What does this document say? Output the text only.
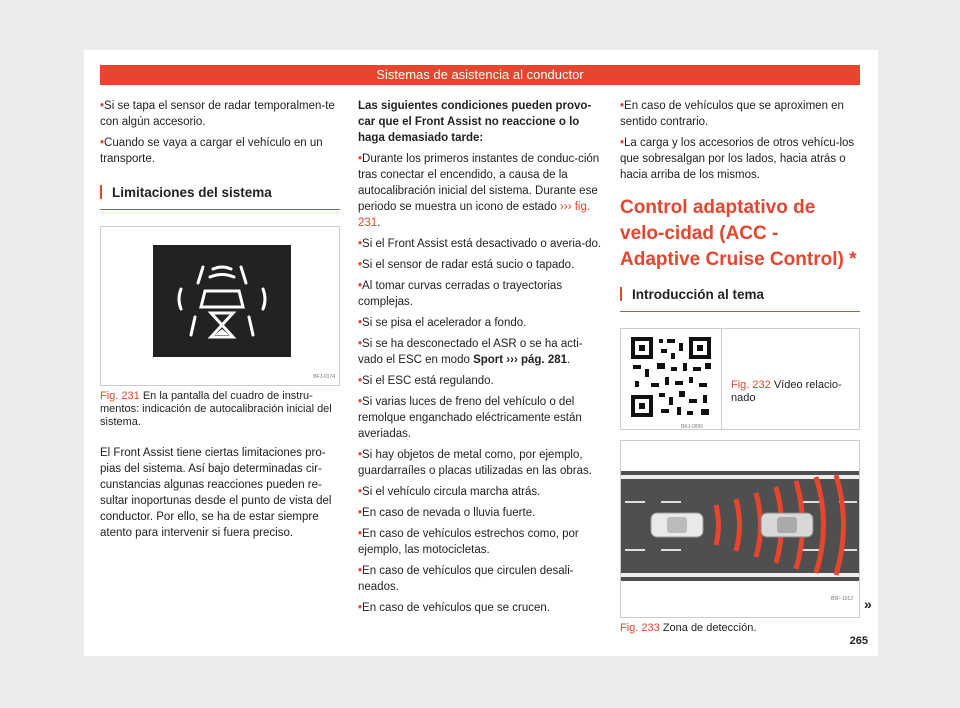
Sistemas de asistencia al conductor

• Si se tapa el sensor de radar temporalmen-te con algún accesorio.

• Cuando se vaya a cargar el vehículo en un transporte.

Limitaciones del sistema
BFJ-0174
Fig. 231 En la pantalla del cuadro de instru-mentos: indicación de autocalibración inicial del sistema.

El Front Assist tiene ciertas limitaciones pro-pias del sistema. Así bajo determinadas cir-cunstancias algunas reacciones pueden re-sultar inoportunas desde el punto de vista del conductor. Por ello, se ha de estar siempre atento para intervenir si fuera preciso.

Las siguientes condiciones pueden provo-car que el Front Assist no reaccione o lo haga demasiado tarde:

• Durante los primeros instantes de conduc-ción tras conectar el encendido, a causa de la autocalibración inicial del sistema. Durante ese periodo se muestra un icono de estado ››› fig. 231.

• Si el Front Assist está desactivado o averia-do.

• Si el sensor de radar está sucio o tapado.

• Al tomar curvas cerradas o trayectorias complejas.

• Si se pisa el acelerador a fondo.

• Si se ha desconectado el ASR o se ha acti-vado el ESC en modo Sport ››› pág. 281.

• Si el ESC está regulando.

• Si varias luces de freno del vehículo o del remolque enganchado eléctricamente están averiadas.

• Si hay objetos de metal como, por ejemplo, guardarraíles o placas utilizadas en las obras.

• Si el vehículo circula marcha atrás.

• En caso de nevada o lluvia fuerte.

• En caso de vehículos estrechos como, por ejemplo, las motocicletas.

• En caso de vehículos que circulen desali-neados.

• En caso de vehículos que se crucen.

• En caso de vehículos que se aproximen en sentido contrario.

• La carga y los accesorios de otros vehícu-los que sobresalgan por los lados, hacia atrás o hacia arriba de los mismos.

Control adaptativo de velo-cidad (ACC - Adaptive Cruise Control) *
Introducción al tema
BKJ-0099
Fig. 232 Vídeo relacio-nado
B5F-1012
Fig. 233 Zona de detección.
»
265
